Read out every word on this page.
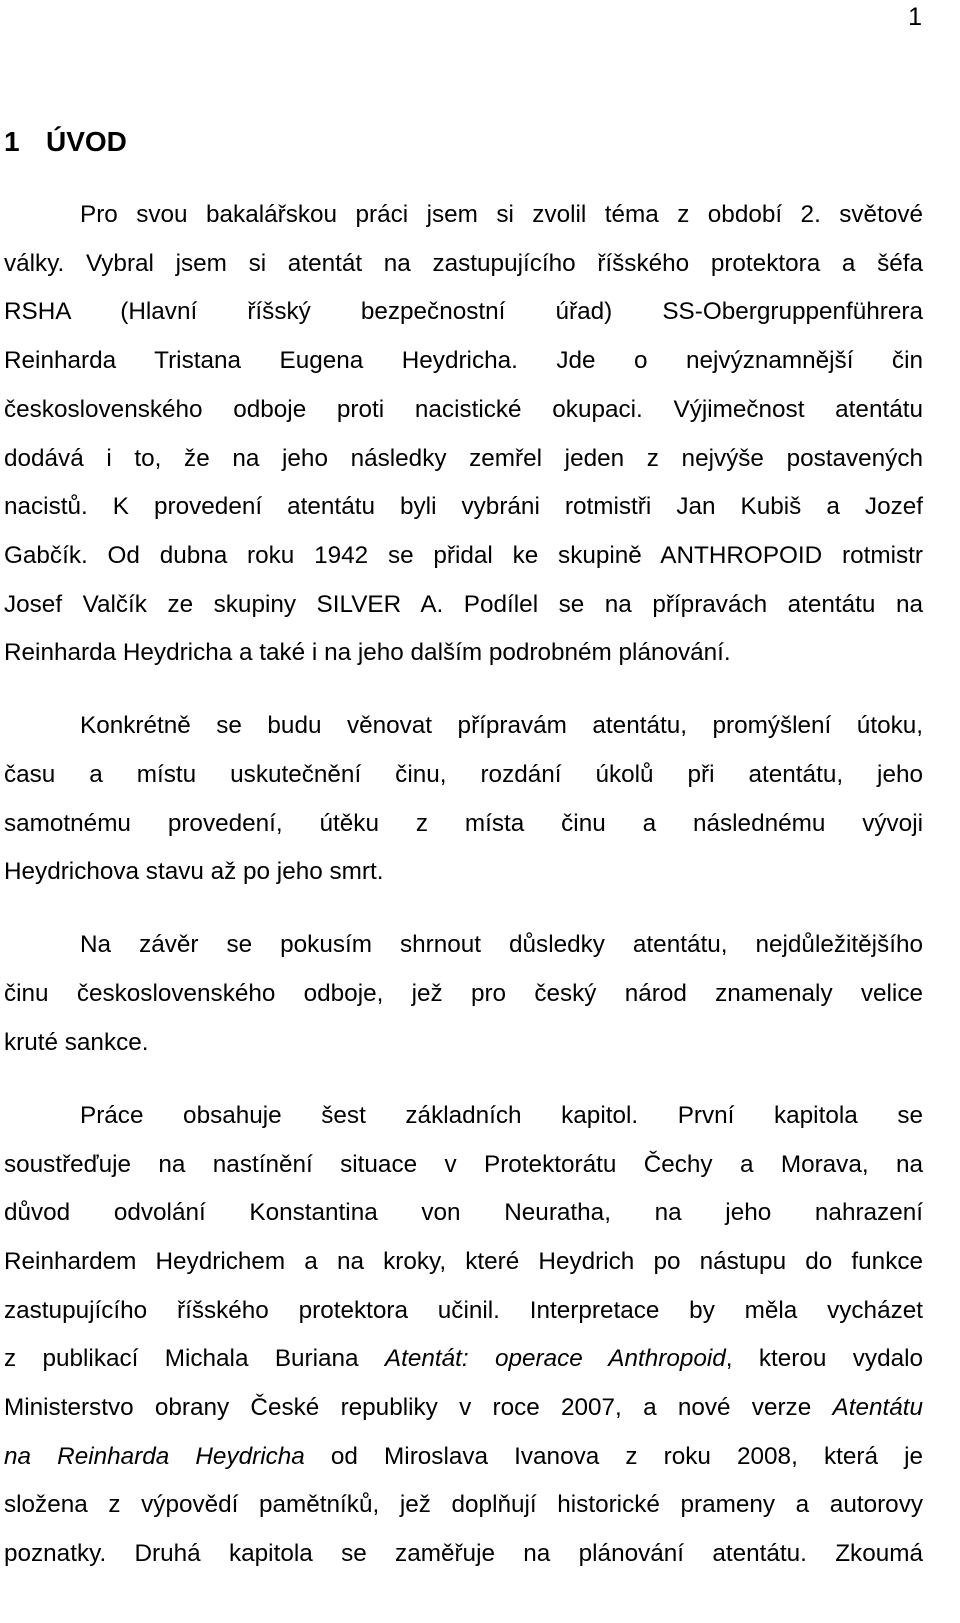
1
1 ÚVOD
Pro svou bakalářskou práci jsem si zvolil téma z období 2. světové
války. Vybral jsem si atentát na zastupujícího říšského protektora a šéfa
RSHA (Hlavní říšský bezpečnostní úřad) SS-Obergruppenführera
Reinharda Tristana Eugena Heydricha. Jde o nejvýznamnější čin
československého odboje proti nacistické okupaci. Výjimečnost atentátu
dodává i to, že na jeho následky zemřel jeden z nejvýše postavených
nacistů. K provedení atentátu byli vybráni rotmistři Jan Kubiš a Jozef
Gabčík. Od dubna roku 1942 se přidal ke skupině ANTHROPOID rotmistr
Josef Valčík ze skupiny SILVER A. Podílel se na přípravách atentátu na
Reinharda Heydricha a také i na jeho dalším podrobném plánování.
Konkrétně se budu věnovat přípravám atentátu, promýšlení útoku,
času a místu uskutečnění činu, rozdání úkolů při atentátu, jeho
samotnému provedení, útěku z místa činu a následnému vývoji
Heydrichova stavu až po jeho smrt.
Na závěr se pokusím shrnout důsledky atentátu, nejdůležitějšího
činu československého odboje, jež pro český národ znamenaly velice
kruté sankce.
Práce obsahuje šest základních kapitol. První kapitola se
soustřeďuje na nastínění situace v Protektorátu Čechy a Morava, na
důvod odvolání Konstantina von Neuratha, na jeho nahrazení
Reinhardem Heydrichem a na kroky, které Heydrich po nástupu do funkce
zastupujícího říšského protektora učinil. Interpretace by měla vycházet
z publikací Michala Buriana Atentát: operace Anthropoid, kterou vydalo
Ministerstvo obrany České republiky v roce 2007, a nové verze Atentátu
na Reinharda Heydricha od Miroslava Ivanova z roku 2008, která je
složena z výpovědí pamětníků, jež doplňují historické prameny a autorovy
poznatky. Druhá kapitola se zaměřuje na plánování atentátu. Zkoumá
